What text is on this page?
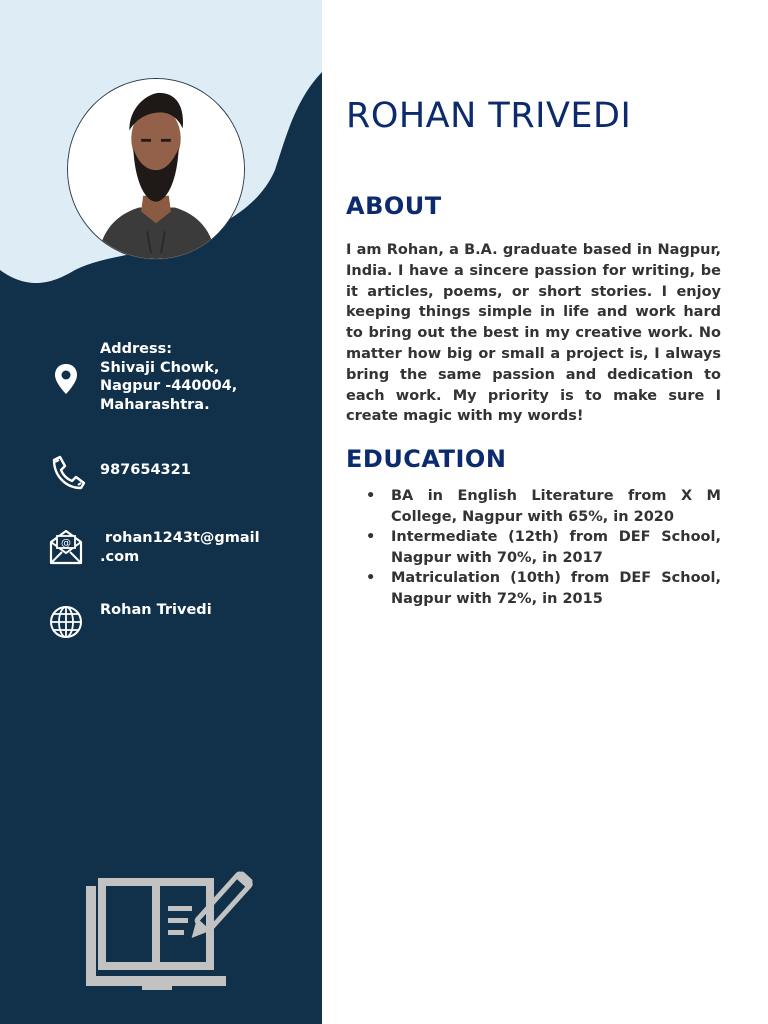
Address:
Shivaji Chowk,
Nagpur -440004,
Maharashtra.
987654321
@ rohan1243t@gmail
.com
Rohan Trivedi
ROHAN TRIVEDI
ABOUT

I am Rohan, a B.A. graduate based in Nagpur, India. I have a sincere passion for writing, be it articles, poems, or short stories. I enjoy keeping things simple in life and work hard to bring out the best in my creative work. No matter how big or small a project is, I always bring the same passion and dedication to each work. My priority is to make sure I create magic with my words!

EDUCATION
• BA in English Literature from X M College, Nagpur with 65%, in 2020
• Intermediate (12th) from DEF School, Nagpur with 70%, in 2017
• Matriculation (10th) from DEF School, Nagpur with 72%, in 2015
